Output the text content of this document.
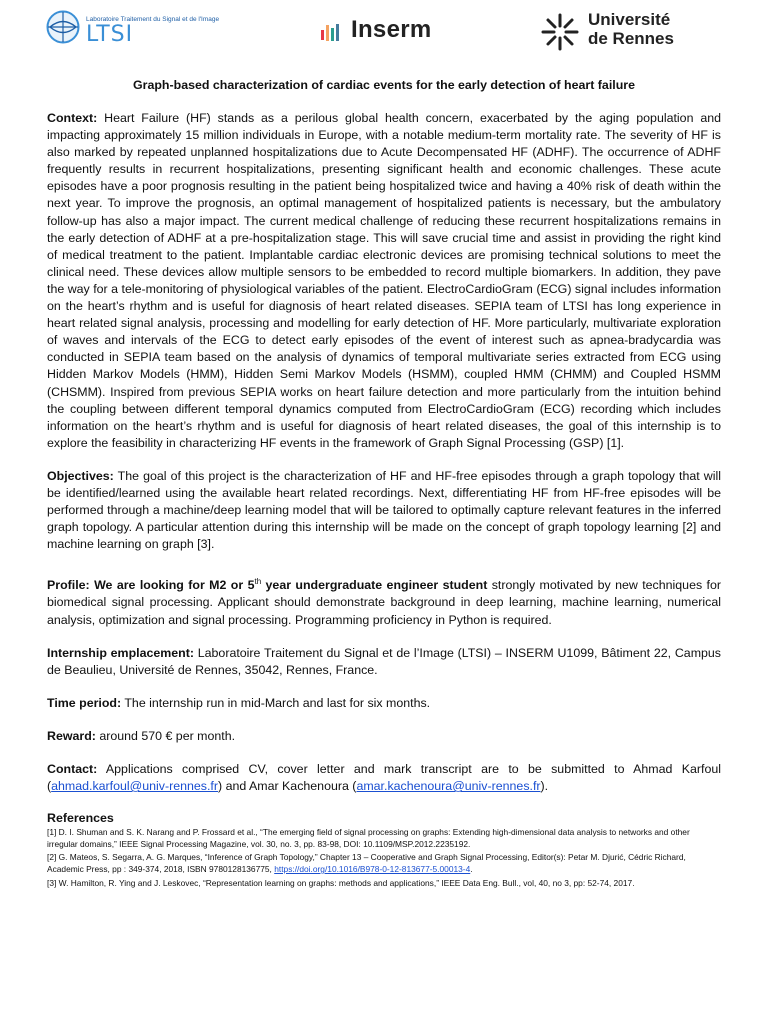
Laboratoire Traitement du Signal et de l'Image
LTSI	Inserm	Université
de Rennes
Graph-based characterization of cardiac events for the early detection of heart failure

Context: Heart Failure (HF) stands as a perilous global health concern, exacerbated by the aging population and impacting approximately 15 million individuals in Europe, with a notable medium-term mortality rate. The severity of HF is also marked by repeated unplanned hospitalizations due to Acute Decompensated HF (ADHF). The occurrence of ADHF frequently results in recurrent hospitalizations, presenting significant health and economic challenges. These acute episodes have a poor prognosis resulting in the patient being hospitalized twice and having a 40% risk of death within the next year. To improve the prognosis, an optimal management of hospitalized patients is necessary, but the ambulatory follow-up has also a major impact. The current medical challenge of reducing these recurrent hospitalizations remains in the early detection of ADHF at a pre-hospitalization stage. This will save crucial time and assist in providing the right kind of medical treatment to the patient. Implantable cardiac electronic devices are promising technical solutions to meet the clinical need. These devices allow multiple sensors to be embedded to record multiple biomarkers. In addition, they pave the way for a tele-monitoring of physiological variables of the patient. ElectroCardioGram (ECG) signal includes information on the heart’s rhythm and is useful for diagnosis of heart related diseases. SEPIA team of LTSI has long experience in heart related signal analysis, processing and modelling for early detection of HF. More particularly, multivariate exploration of waves and intervals of the ECG to detect early episodes of the event of interest such as apnea-bradycardia was conducted in SEPIA team based on the analysis of dynamics of temporal multivariate series extracted from ECG using Hidden Markov Models (HMM), Hidden Semi Markov Models (HSMM), coupled HMM (CHMM) and Coupled HSMM (CHSMM). Inspired from previous SEPIA works on heart failure detection and more particularly from the intuition behind the coupling between different temporal dynamics computed from ElectroCardioGram (ECG) recording which includes information on the heart’s rhythm and is useful for diagnosis of heart related diseases, the goal of this internship is to explore the feasibility in characterizing HF events in the framework of Graph Signal Processing (GSP) [1].

Objectives: The goal of this project is the characterization of HF and HF-free episodes through a graph topology that will be identified/learned using the available heart related recordings. Next, differentiating HF from HF-free episodes will be performed through a machine/deep learning model that will be tailored to optimally capture relevant features in the inferred graph topology. A particular attention during this internship will be made on the concept of graph topology learning [2] and machine learning on graph [3].

Profile: We are looking for M2 or 5th year undergraduate engineer student strongly motivated by new techniques for biomedical signal processing. Applicant should demonstrate background in deep learning, machine learning, numerical analysis, optimization and signal processing. Programming proficiency in Python is required.

Internship emplacement: Laboratoire Traitement du Signal et de l’Image (LTSI) – INSERM U1099, Bâtiment 22, Campus de Beaulieu, Université de Rennes, 35042, Rennes, France.

Time period: The internship run in mid-March and last for six months.

Reward: around 570 € per month.

Contact: Applications comprised CV, cover letter and mark transcript are to be submitted to Ahmad Karfoul (ahmad.karfoul@univ-rennes.fr) and Amar Kachenoura (amar.kachenoura@univ-rennes.fr).

References

[1] D. I. Shuman and S. K. Narang and P. Frossard et al., “The emerging field of signal processing on graphs: Extending high-dimensional data analysis to networks and other irregular domains,” IEEE Signal Processing Magazine, vol. 30, no. 3, pp. 83-98, DOI: 10.1109/MSP.2012.2235192.

[2] G. Mateos, S. Segarra, A. G. Marques, “Inference of Graph Topology,” Chapter 13 – Cooperative and Graph Signal Processing, Editor(s): Petar M. Djurić, Cédric Richard, Academic Press, pp : 349-374, 2018, ISBN 9780128136775, https://doi.org/10.1016/B978-0-12-813677-5.00013-4.

[3] W. Hamilton, R. Ying and J. Leskovec, “Representation learning on graphs: methods and applications,” IEEE Data Eng. Bull., vol, 40, no 3, pp: 52-74, 2017.
